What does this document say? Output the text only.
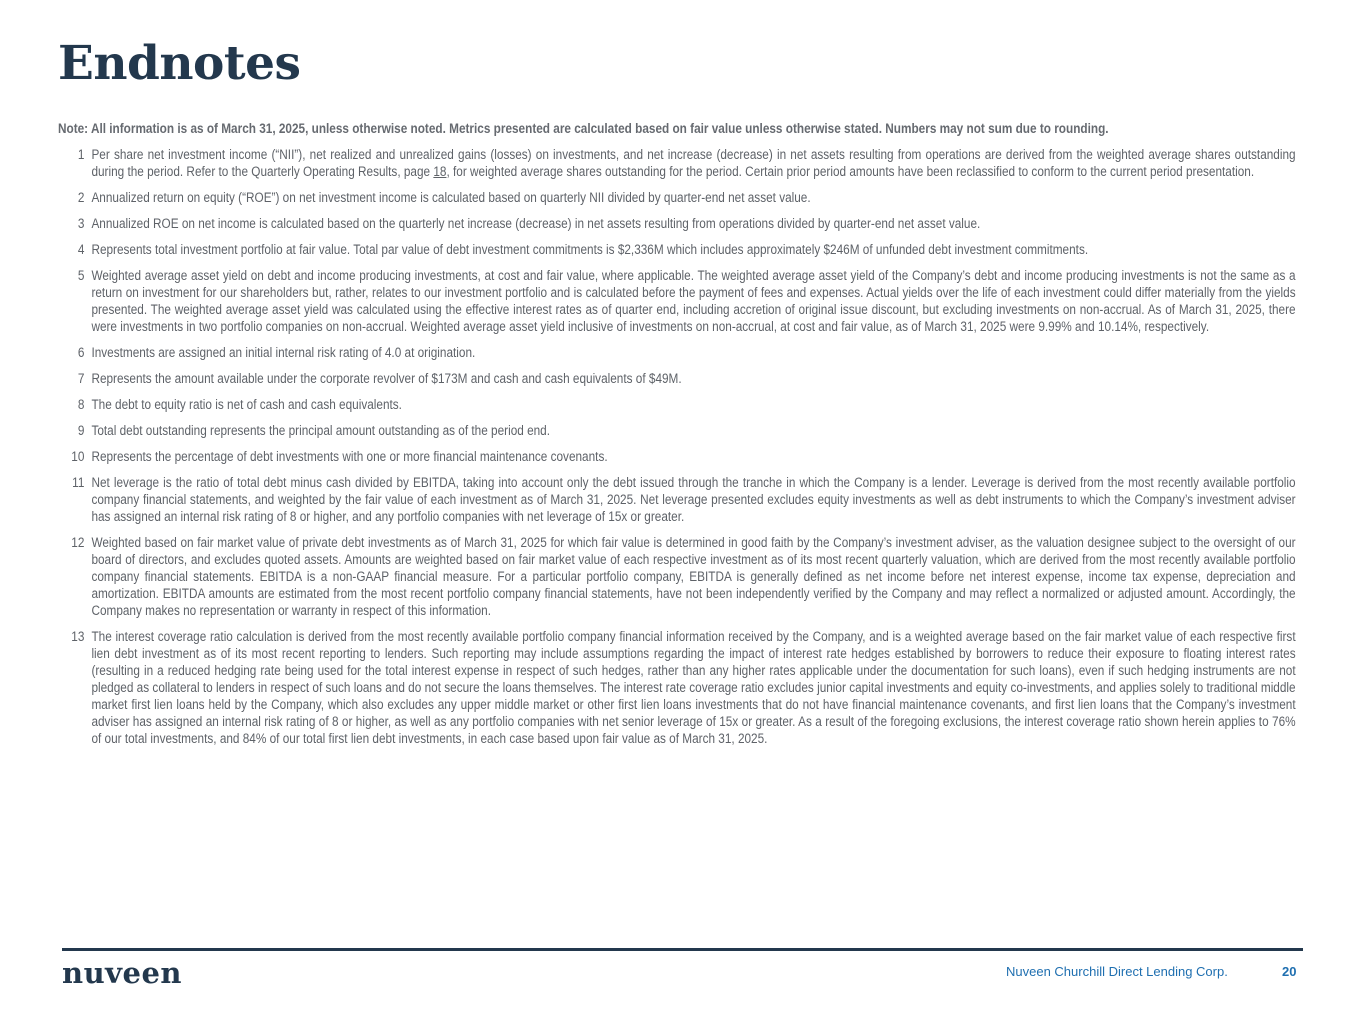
Endnotes

Note: All information is as of March 31, 2025, unless otherwise noted. Metrics presented are calculated based on fair value unless otherwise stated. Numbers may not sum due to rounding.

1 Per share net investment income (“NII”), net realized and unrealized gains (losses) on investments, and net increase (decrease) in net assets resulting from operations are derived from the weighted average shares outstanding during the period. Refer to the Quarterly Operating Results, page 18, for weighted average shares outstanding for the period. Certain prior period amounts have been reclassified to conform to the current period presentation.
2 Annualized return on equity (“ROE”) on net investment income is calculated based on quarterly NII divided by quarter-end net asset value.
3 Annualized ROE on net income is calculated based on the quarterly net increase (decrease) in net assets resulting from operations divided by quarter-end net asset value.
4 Represents total investment portfolio at fair value. Total par value of debt investment commitments is $2,336M which includes approximately $246M of unfunded debt investment commitments.
5 Weighted average asset yield on debt and income producing investments, at cost and fair value, where applicable. The weighted average asset yield of the Company’s debt and income producing investments is not the same as a return on investment for our shareholders but, rather, relates to our investment portfolio and is calculated before the payment of fees and expenses. Actual yields over the life of each investment could differ materially from the yields presented. The weighted average asset yield was calculated using the effective interest rates as of quarter end, including accretion of original issue discount, but excluding investments on non-accrual. As of March 31, 2025, there were investments in two portfolio companies on non-accrual. Weighted average asset yield inclusive of investments on non-accrual, at cost and fair value, as of March 31, 2025 were 9.99% and 10.14%, respectively.
6 Investments are assigned an initial internal risk rating of 4.0 at origination.
7 Represents the amount available under the corporate revolver of $173M and cash and cash equivalents of $49M.
8 The debt to equity ratio is net of cash and cash equivalents.
9 Total debt outstanding represents the principal amount outstanding as of the period end.
10 Represents the percentage of debt investments with one or more financial maintenance covenants.
11 Net leverage is the ratio of total debt minus cash divided by EBITDA, taking into account only the debt issued through the tranche in which the Company is a lender. Leverage is derived from the most recently available portfolio company financial statements, and weighted by the fair value of each investment as of March 31, 2025. Net leverage presented excludes equity investments as well as debt instruments to which the Company’s investment adviser has assigned an internal risk rating of 8 or higher, and any portfolio companies with net leverage of 15x or greater.
12 Weighted based on fair market value of private debt investments as of March 31, 2025 for which fair value is determined in good faith by the Company’s investment adviser, as the valuation designee subject to the oversight of our board of directors, and excludes quoted assets. Amounts are weighted based on fair market value of each respective investment as of its most recent quarterly valuation, which are derived from the most recently available portfolio company financial statements. EBITDA is a non-GAAP financial measure. For a particular portfolio company, EBITDA is generally defined as net income before net interest expense, income tax expense, depreciation and amortization. EBITDA amounts are estimated from the most recent portfolio company financial statements, have not been independently verified by the Company and may reflect a normalized or adjusted amount. Accordingly, the Company makes no representation or warranty in respect of this information.
13 The interest coverage ratio calculation is derived from the most recently available portfolio company financial information received by the Company, and is a weighted average based on the fair market value of each respective first lien debt investment as of its most recent reporting to lenders. Such reporting may include assumptions regarding the impact of interest rate hedges established by borrowers to reduce their exposure to floating interest rates (resulting in a reduced hedging rate being used for the total interest expense in respect of such hedges, rather than any higher rates applicable under the documentation for such loans), even if such hedging instruments are not pledged as collateral to lenders in respect of such loans and do not secure the loans themselves. The interest rate coverage ratio excludes junior capital investments and equity co-investments, and applies solely to traditional middle market first lien loans held by the Company, which also excludes any upper middle market or other first lien loans investments that do not have financial maintenance covenants, and first lien loans that the Company’s investment adviser has assigned an internal risk rating of 8 or higher, as well as any portfolio companies with net senior leverage of 15x or greater. As a result of the foregoing exclusions, the interest coverage ratio shown herein applies to 76% of our total investments, and 84% of our total first lien debt investments, in each case based upon fair value as of March 31, 2025.
nuveen	Nuveen Churchill Direct Lending Corp.	20
